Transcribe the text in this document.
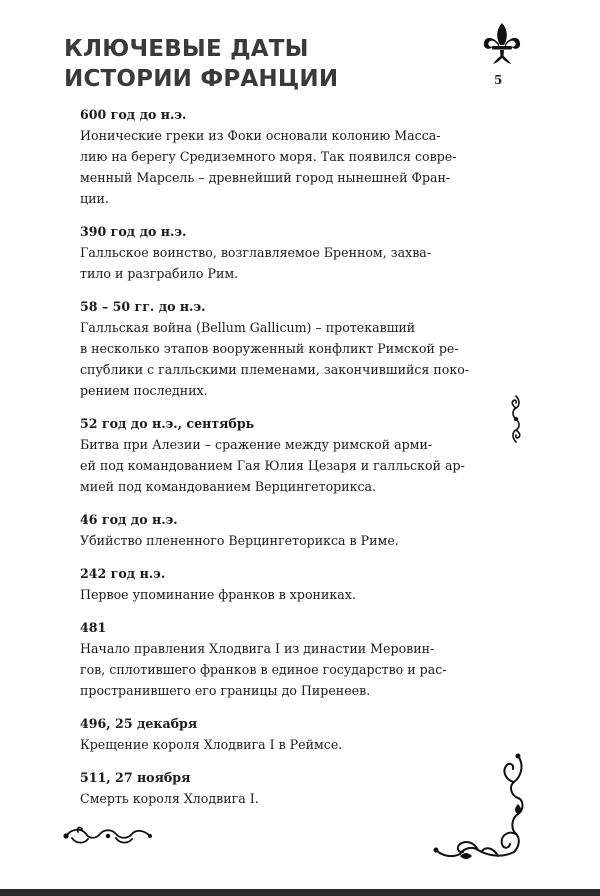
КЛЮЧЕВЫЕ ДАТЫ
ИСТОРИИ ФРАНЦИИ	5

600 год до н.э.

Ионические греки из Фоки основали колонию Масса-
лию на берегу Средиземного моря. Так появился совре-
менный Марсель – древнейший город нынешней Фран-
ции.

390 год до н.э.

Галльское воинство, возглавляемое Бренном, захва-
тило и разграбило Рим.

58 – 50 гг. до н.э.

Галльская война (Bellum Gallicum) – протекавший
в несколько этапов вооруженный конфликт Римской ре-
спублики с галльскими племенами, закончившийся поко-
рением последних.

52 год до н.э., сентябрь

Битва при Алезии – сражение между римской арми-
ей под командованием Гая Юлия Цезаря и галльской ар-
мией под командованием Верцингеторикса.

46 год до н.э.

Убийство плененного Верцингеторикса в Риме.

242 год н.э.

Первое упоминание франков в хрониках.

481

Начало правления Хлодвига I из династии Меровин-
гов, сплотившего франков в единое государство и рас-
пространившего его границы до Пиренеев.

496, 25 декабря

Крещение короля Хлодвига I в Реймсе.

511, 27 ноября

Смерть короля Хлодвига I.
